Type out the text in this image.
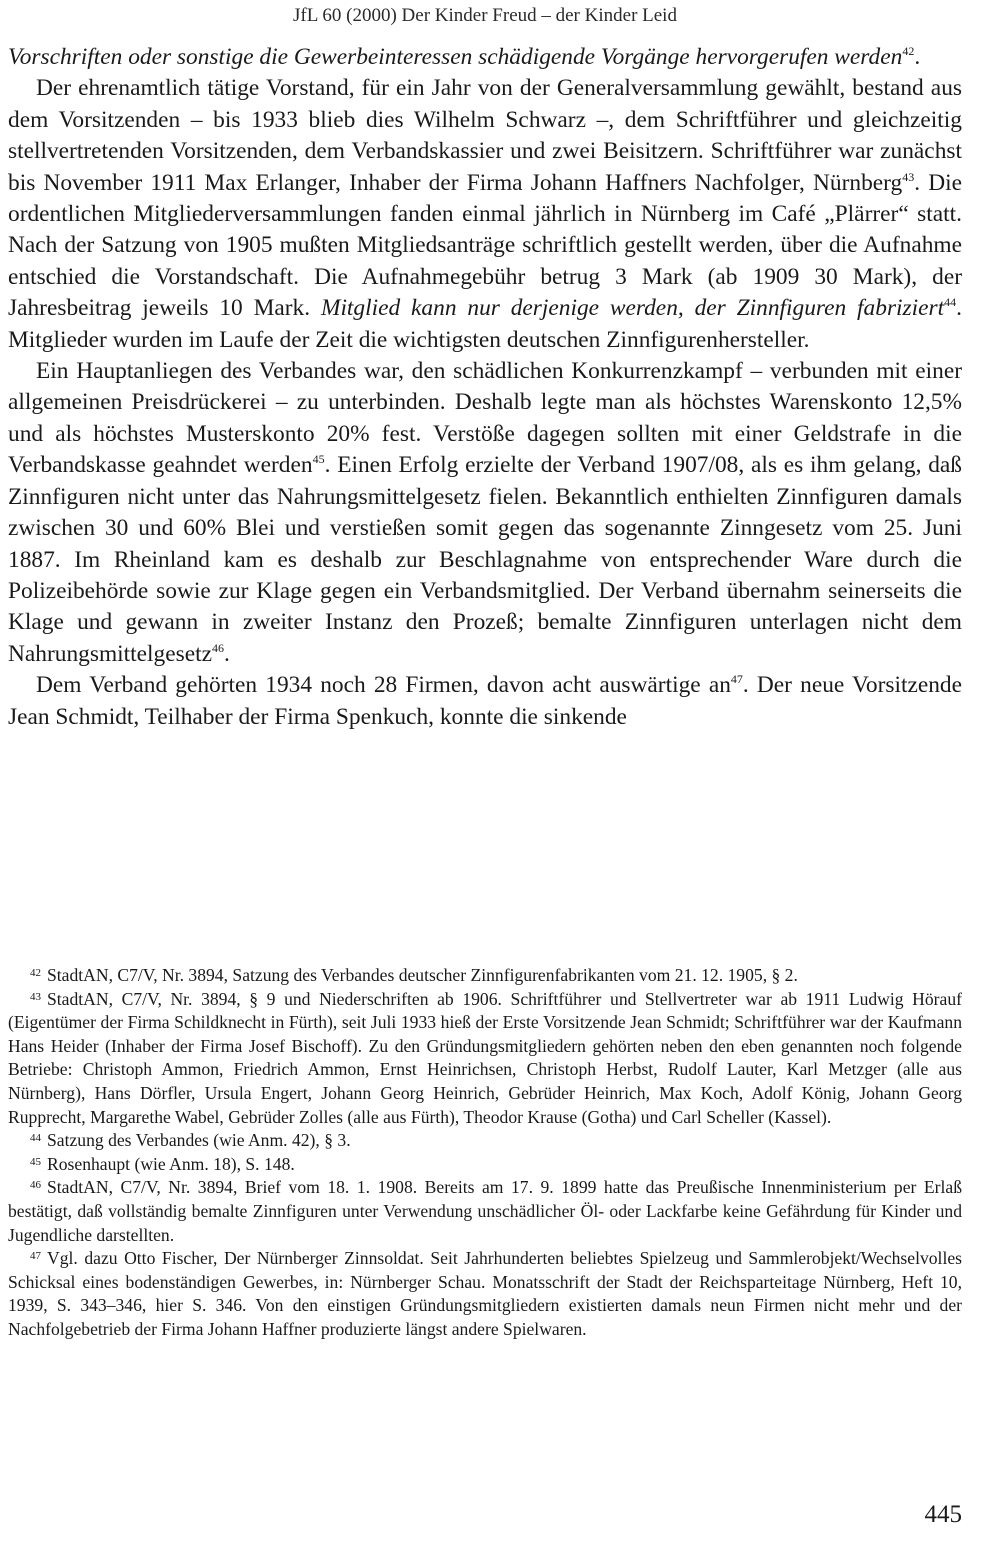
JfL 60 (2000) Der Kinder Freud – der Kinder Leid

Vorschriften oder sonstige die Gewerbeinteressen schädigende Vorgänge hervorgerufen werden$^{42}$.

Der ehrenamtlich tätige Vorstand, für ein Jahr von der Generalversammlung gewählt, bestand aus dem Vorsitzenden – bis 1933 blieb dies Wilhelm Schwarz –, dem Schriftführer und gleichzeitig stellvertretenden Vorsitzenden, dem Verbandskassier und zwei Beisitzern. Schriftführer war zunächst bis November 1911 Max Erlanger, Inhaber der Firma Johann Haffners Nachfolger, Nürnberg$^{43}$. Die ordentlichen Mitgliederversammlungen fanden einmal jährlich in Nürnberg im Café „Plärrer“ statt. Nach der Satzung von 1905 mußten Mitgliedsanträge schriftlich gestellt werden, über die Aufnahme entschied die Vorstandschaft. Die Aufnahmegebühr betrug 3 Mark (ab 1909 30 Mark), der Jahresbeitrag jeweils 10 Mark. Mitglied kann nur derjenige werden, der Zinnfiguren fabriziert$^{44}$. Mitglieder wurden im Laufe der Zeit die wichtigsten deutschen Zinnfigurenhersteller.

Ein Hauptanliegen des Verbandes war, den schädlichen Konkurrenzkampf – verbunden mit einer allgemeinen Preisdrückerei – zu unterbinden. Deshalb legte man als höchstes Warenskonto 12,5% und als höchstes Musterskonto 20% fest. Verstöße dagegen sollten mit einer Geldstrafe in die Verbandskasse geahndet werden$^{45}$. Einen Erfolg erzielte der Verband 1907/08, als es ihm gelang, daß Zinnfiguren nicht unter das Nahrungsmittelgesetz fielen. Bekanntlich enthielten Zinnfiguren damals zwischen 30 und 60% Blei und verstießen somit gegen das sogenannte Zinngesetz vom 25. Juni 1887. Im Rheinland kam es deshalb zur Beschlagnahme von entsprechender Ware durch die Polizeibehörde sowie zur Klage gegen ein Verbandsmitglied. Der Verband übernahm seinerseits die Klage und gewann in zweiter Instanz den Prozeß; bemalte Zinnfiguren unterlagen nicht dem Nahrungsmittelgesetz$^{46}$.

Dem Verband gehörten 1934 noch 28 Firmen, davon acht auswärtige $an^{47}$. Der neue Vorsitzende Jean Schmidt, Teilhaber der Firma Spenkuch, konnte die sinkende

$^{42}$ StadtAN, C7/V, Nr. 3894, Satzung des Verbandes deutscher Zinnfigurenfabrikanten vom 21. 12. 1905, § 2.

$^{43}$ StadtAN, C7/V, Nr. 3894, § 9 und Niederschriften ab 1906. Schriftführer und Stellvertreter war ab 1911 Ludwig Hörauf (Eigentümer der Firma Schildknecht in Fürth), seit Juli 1933 hieß der Erste Vorsitzende Jean Schmidt; Schriftführer war der Kaufmann Hans Heider (Inhaber der Firma Josef Bischoff). Zu den Gründungsmitgliedern gehörten neben den eben genannten noch folgende Betriebe: Christoph Ammon, Friedrich Ammon, Ernst Heinrichsen, Christoph Herbst, Rudolf Lauter, Karl Metzger (alle aus Nürnberg), Hans Dörfler, Ursula Engert, Johann Georg Heinrich, Gebrüder Heinrich, Max Koch, Adolf König, Johann Georg Rupprecht, Margarethe Wabel, Gebrüder Zolles (alle aus Fürth), Theodor Krause (Gotha) und Carl Scheller (Kassel).

$^{44}$ Satzung des Verbandes (wie Anm. 42), § 3.

$^{45}$ Rosenhaupt (wie Anm. 18), S. 148.

$^{46}$ StadtAN, C7/V, Nr. 3894, Brief vom 18. 1. 1908. Bereits am 17. 9. 1899 hatte das Preußische Innenministerium per Erlaß bestätigt, daß vollständig bemalte Zinnfiguren unter Verwendung unschädlicher Öl- oder Lackfarbe keine Gefährdung für Kinder und Jugendliche darstellten.

$^{47}$ Vgl. dazu Otto Fischer, Der Nürnberger Zinnsoldat. Seit Jahrhunderten beliebtes Spielzeug und Sammlerobjekt/Wechselvolles Schicksal eines bodenständigen Gewerbes, in: Nürnberger Schau. Monatsschrift der Stadt der Reichsparteitage Nürnberg, Heft 10, 1939, S. 343–346, hier S. 346. Von den einstigen Gründungsmitgliedern existierten damals neun Firmen nicht mehr und der Nachfolgebetrieb der Firma Johann Haffner produzierte längst andere Spielwaren.

445
